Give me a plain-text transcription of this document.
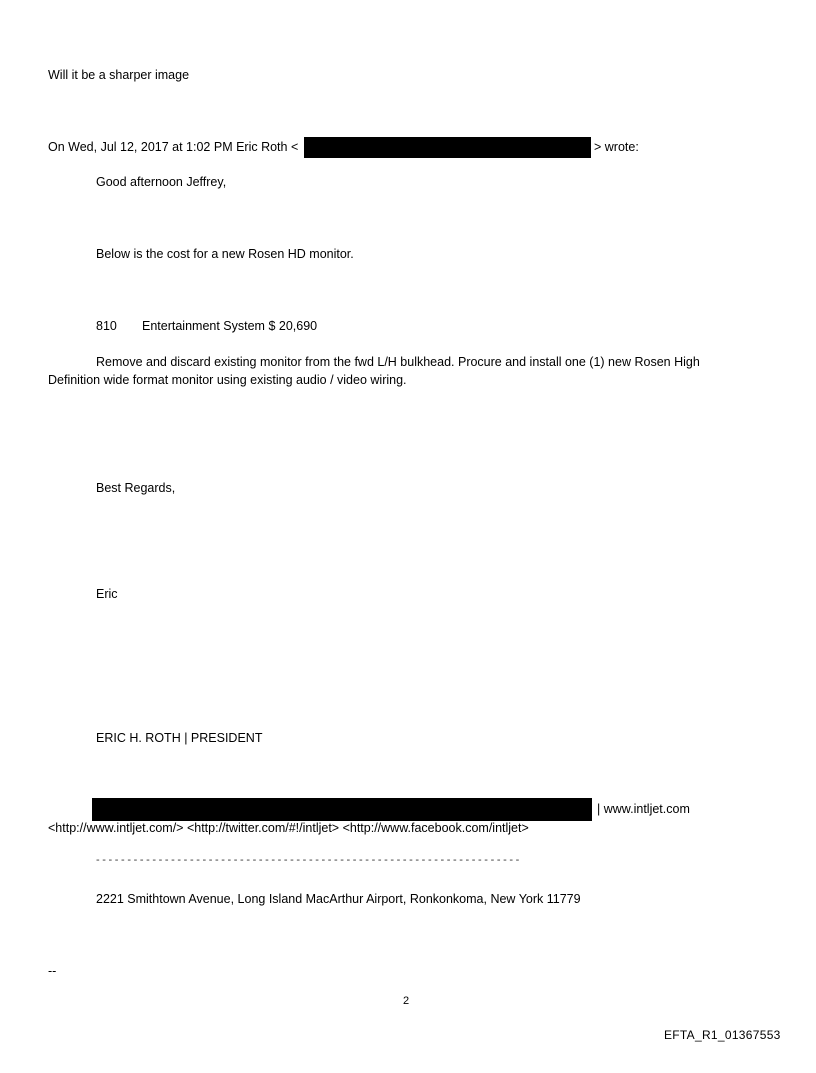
Will it be a sharper image
On Wed, Jul 12, 2017 at 1:02 PM Eric Roth <	> wrote:
Good afternoon Jeffrey,
Below is the cost for a new Rosen HD monitor.
810 Entertainment System $ 20,690
Remove and discard existing monitor from the fwd L/H bulkhead. Procure and install one (1) new Rosen High
Definition wide format monitor using existing audio / video wiring.
Best Regards,
Eric
ERIC H. ROTH | PRESIDENT
| www.intljet.com
<http://www.intljet.com/> <http://twitter.com/#!/intljet> <http://www.facebook.com/intljet>
--------------------------------------------------------------------
2221 Smithtown Avenue, Long Island MacArthur Airport, Ronkonkoma, New York 11779
--
2
EFTA_R1_01367553
